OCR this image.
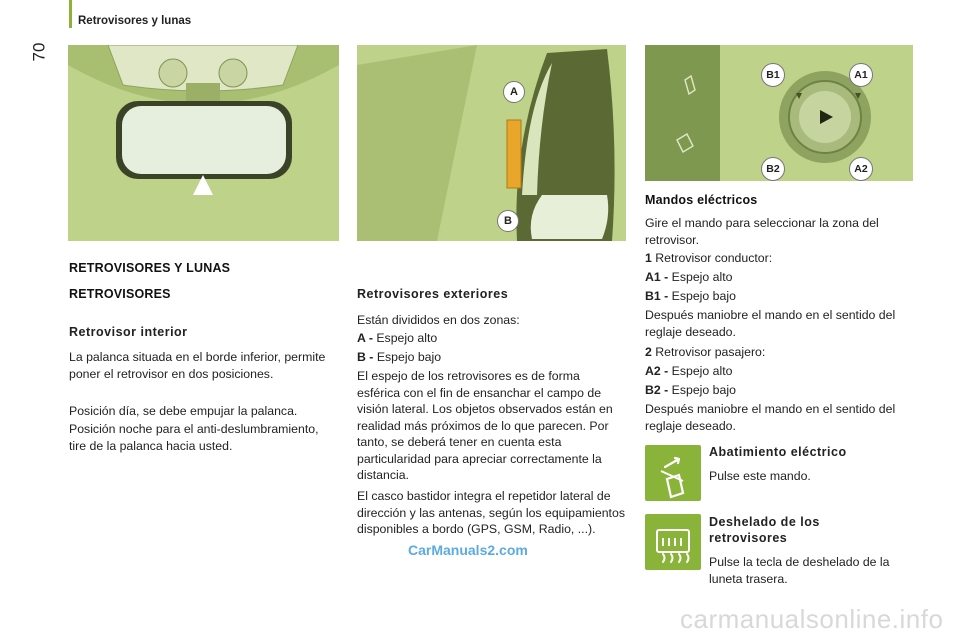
Retrovisores y lunas
70
A
B
B1	A1
B2	A2
RETROVISORES Y LUNAS
RETROVISORES
Retrovisor interior
La palanca situada en el borde inferior, permite poner el retrovisor en dos posiciones.
Posición día, se debe empujar la palanca.
Posición noche para el anti-deslumbramiento, tire de la palanca hacia usted.
Retrovisores exteriores
Están divididos en dos zonas:
A - Espejo alto
B - Espejo bajo
El espejo de los retrovisores es de forma esférica con el fin de ensanchar el campo de visión lateral. Los objetos observados están en realidad más próximos de lo que parecen. Por tanto, se deberá tener en cuenta esta particularidad para apreciar correctamente la distancia.
El casco bastidor integra el repetidor lateral de dirección y las antenas, según los equipamientos disponibles a bordo (GPS, GSM, Radio, ...).
Mandos eléctricos
Gire el mando para seleccionar la zona del retrovisor.
1 Retrovisor conductor:
A1 - Espejo alto
B1 - Espejo bajo
Después maniobre el mando en el sentido del reglaje deseado.
2 Retrovisor pasajero:
A2 - Espejo alto
B2 - Espejo bajo
Después maniobre el mando en el sentido del reglaje deseado.
Abatimiento eléctrico
Pulse este mando.
Deshelado de los retrovisores
Pulse la tecla de deshelado de la luneta trasera.
CarManuals2.com
carmanualsonline.info
